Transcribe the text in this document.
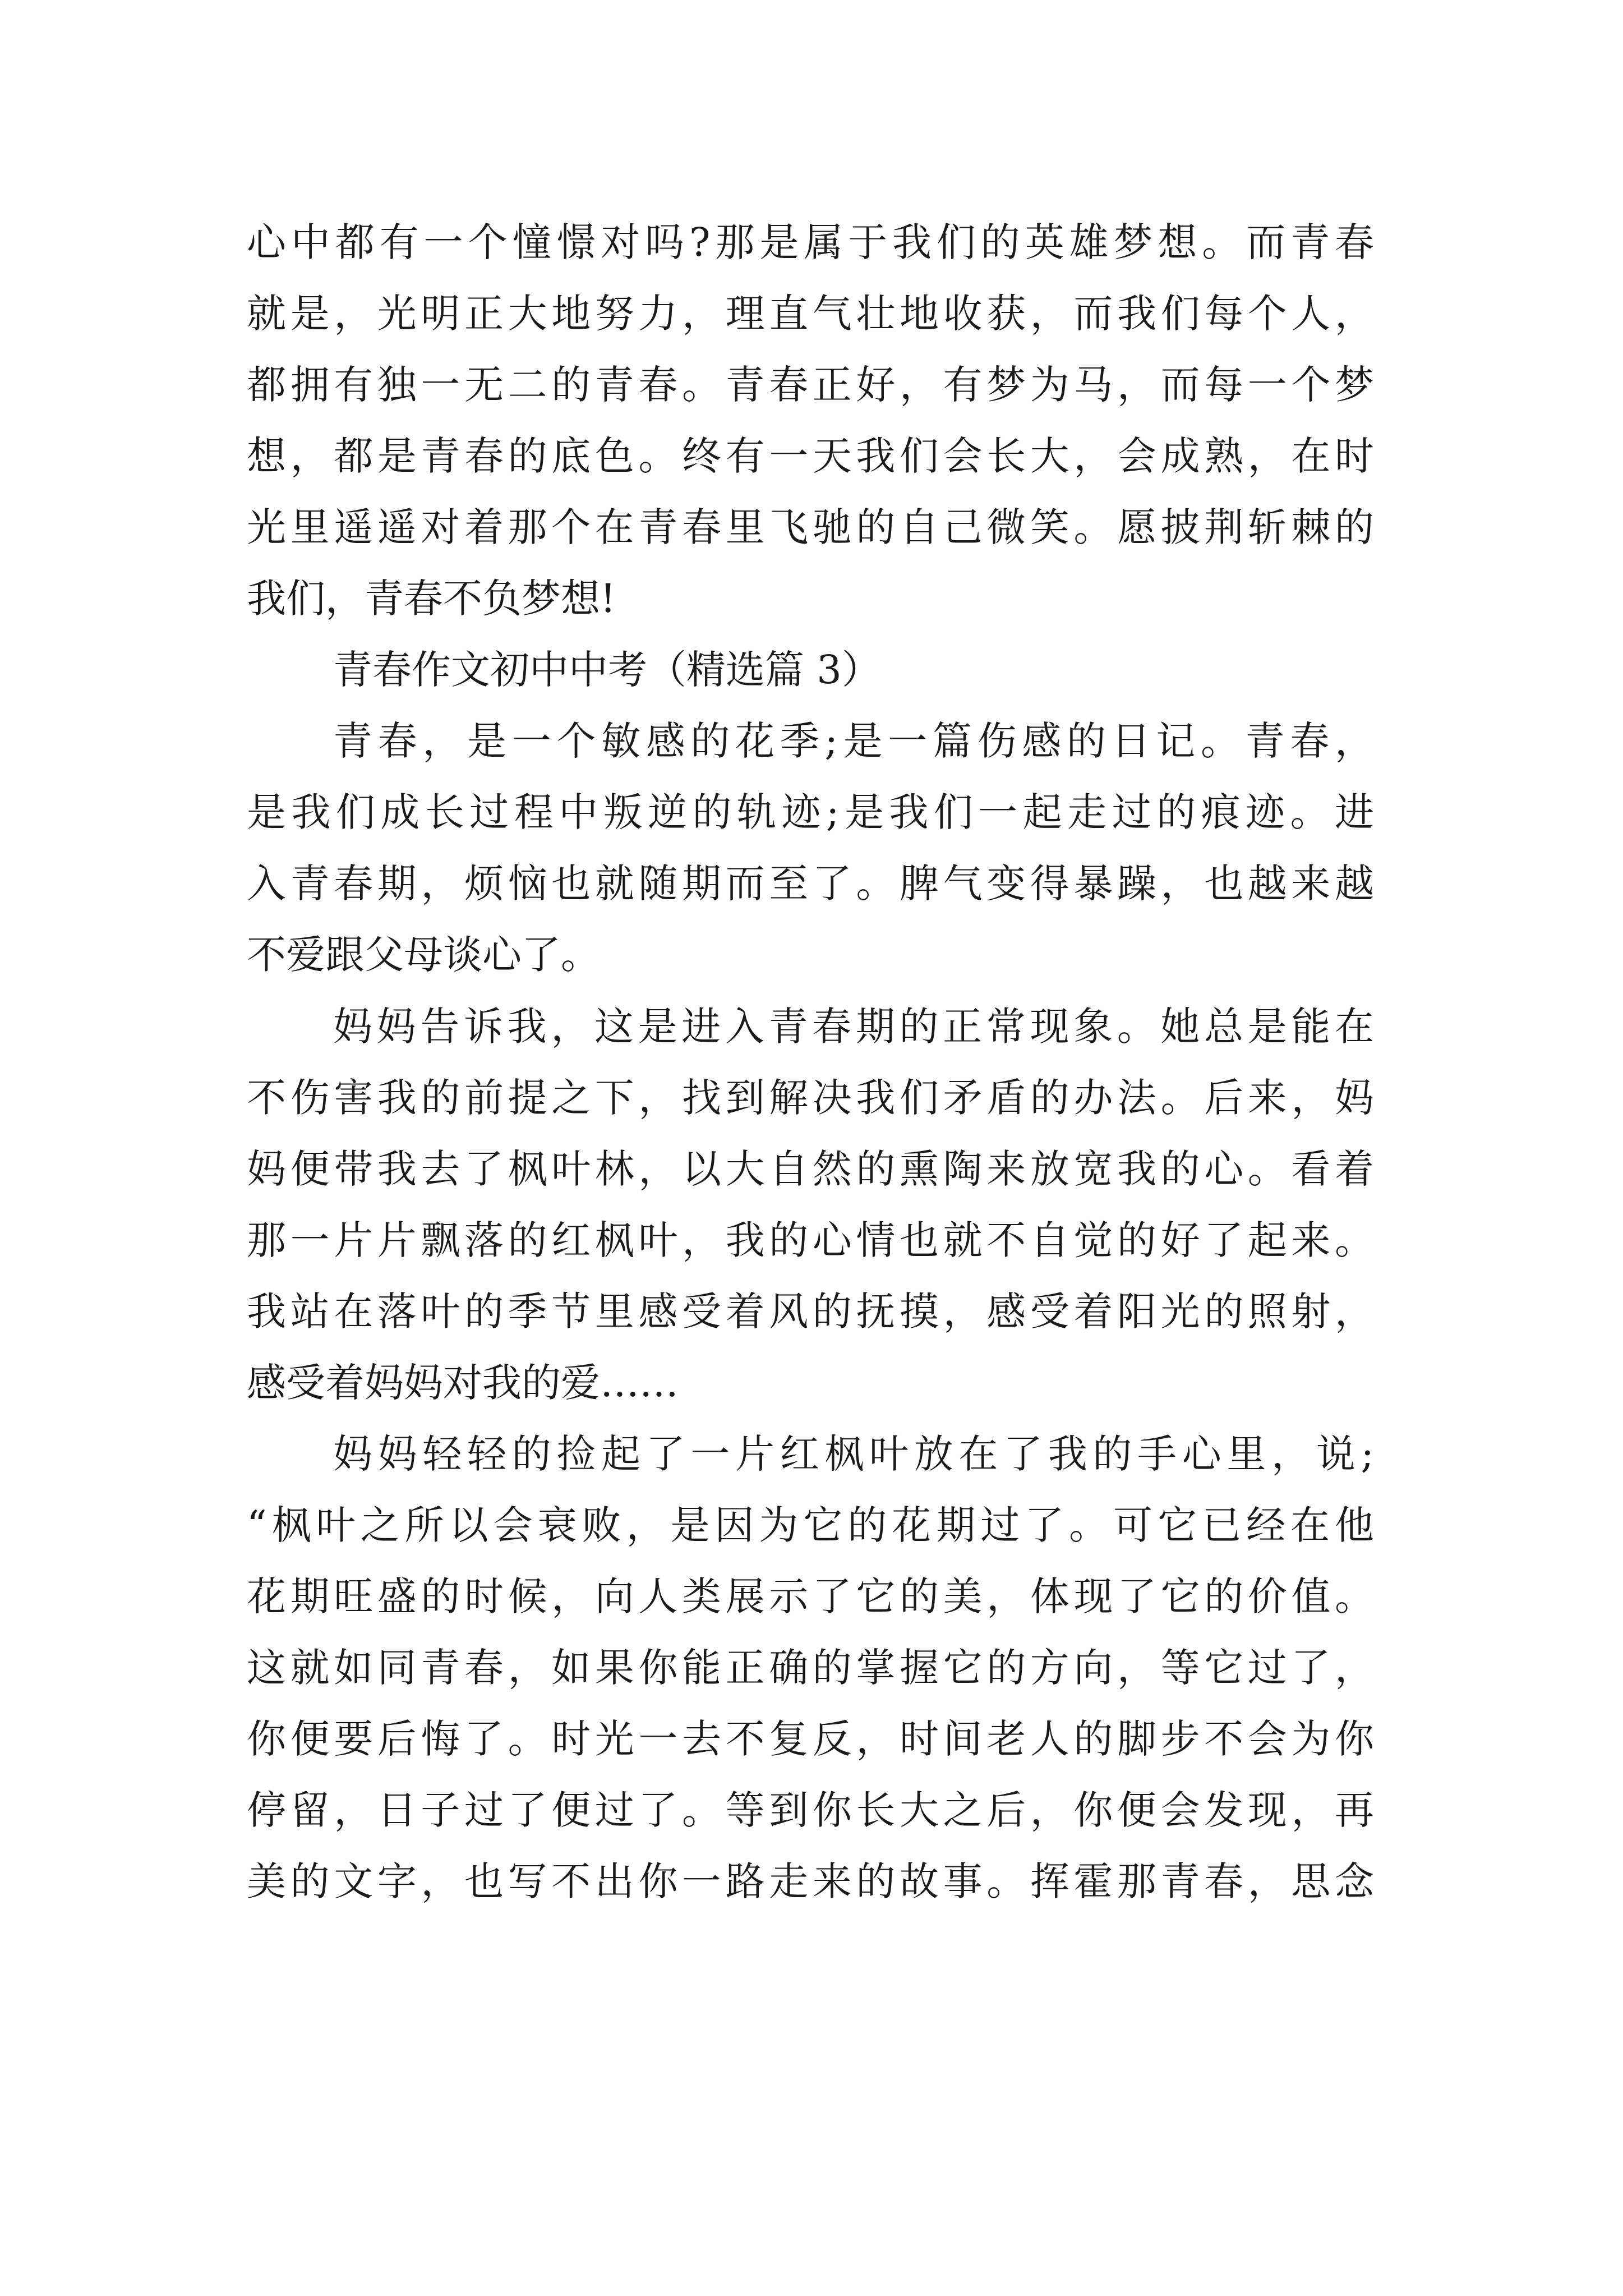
心中都有一个憧憬对吗?那是属于我们的英雄梦想。而青春
就是，光明正大地努力，理直气壮地收获，而我们每个人，
都拥有独一无二的青春。青春正好，有梦为马，而每一个梦
想，都是青春的底色。终有一天我们会长大，会成熟，在时
光里遥遥对着那个在青春里飞驰的自己微笑。愿披荆斩棘的
我们，青春不负梦想!
青春作文初中中考（精选篇 3）
青春，是一个敏感的花季;是一篇伤感的日记。青春，
是我们成长过程中叛逆的轨迹;是我们一起走过的痕迹。进
入青春期，烦恼也就随期而至了。脾气变得暴躁，也越来越
不爱跟父母谈心了。
妈妈告诉我，这是进入青春期的正常现象。她总是能在
不伤害我的前提之下，找到解决我们矛盾的办法。后来，妈
妈便带我去了枫叶林，以大自然的熏陶来放宽我的心。看着
那一片片飘落的红枫叶，我的心情也就不自觉的好了起来。
我站在落叶的季节里感受着风的抚摸，感受着阳光的照射，
感受着妈妈对我的爱……
妈妈轻轻的捡起了一片红枫叶放在了我的手心里，说;
“枫叶之所以会衰败，是因为它的花期过了。可它已经在他
花期旺盛的时候，向人类展示了它的美，体现了它的价值。
这就如同青春，如果你能正确的掌握它的方向，等它过了，
你便要后悔了。时光一去不复反，时间老人的脚步不会为你
停留，日子过了便过了。等到你长大之后，你便会发现，再
美的文字，也写不出你一路走来的故事。挥霍那青春，思念
